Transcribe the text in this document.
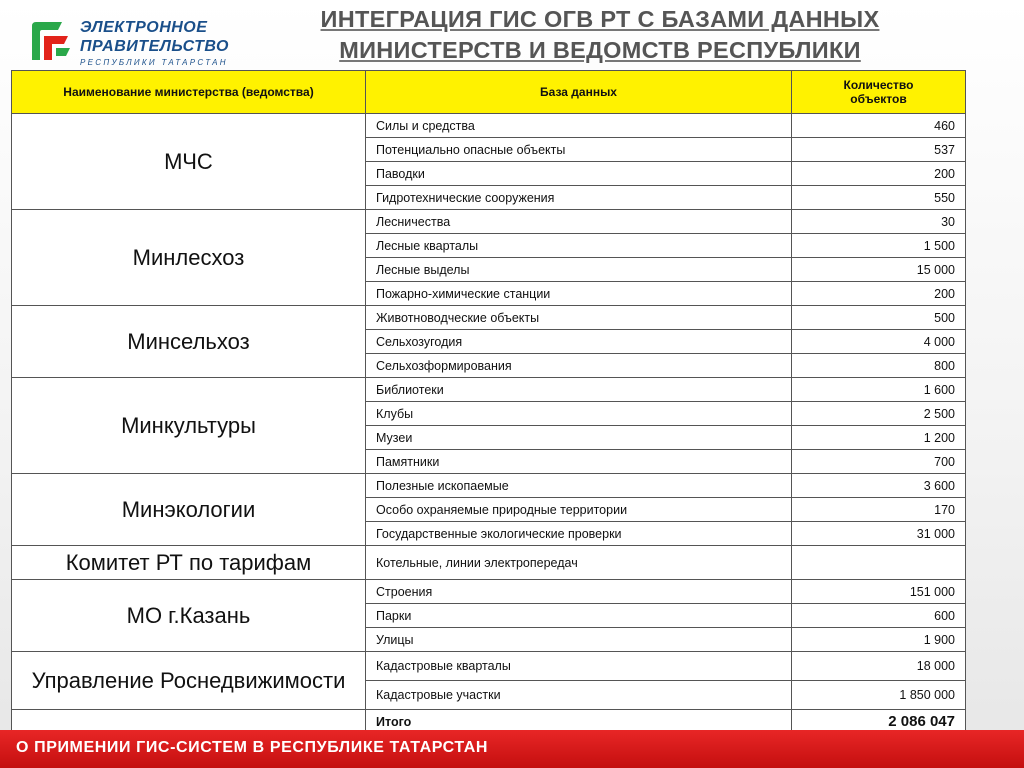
ЭЛЕКТРОННОЕ
ПРАВИТЕЛЬСТВО
РЕСПУБЛИКИ ТАТАРСТАН
ИНТЕГРАЦИЯ ГИС ОГВ РТ С БАЗАМИ ДАННЫХ
МИНИСТЕРСТВ И ВЕДОМСТВ РЕСПУБЛИКИ
Наименование министерства (ведомства)	База данных	Количество
объектов
МЧС	Силы и средства	460
	Потенциально опасные объекты	537
	Паводки	200
	Гидротехнические сооружения	550
Минлесхоз	Лесничества	30
	Лесные кварталы	1 500
	Лесные выделы	15 000
	Пожарно-химические станции	200
Минсельхоз	Животноводческие объекты	500
	Сельхозугодия	4 000
	Сельхозформирования	800
Минкультуры	Библиотеки	1 600
	Клубы	2 500
	Музеи	1 200
	Памятники	700
Минэкологии	Полезные ископаемые	3 600
	Особо охраняемые природные территории	170
	Государственные экологические проверки	31 000
Комитет РТ по тарифам	Котельные, линии электропередач	
МО г.Казань	Строения	151 000
	Парки	600
	Улицы	1 900
Управление Роснедвижимости	Кадастровые кварталы	18 000
	Кадастровые участки	1 850 000
	Итого	2 086 047
О ПРИМЕНИИ ГИС-СИСТЕМ В РЕСПУБЛИКЕ ТАТАРСТАН
